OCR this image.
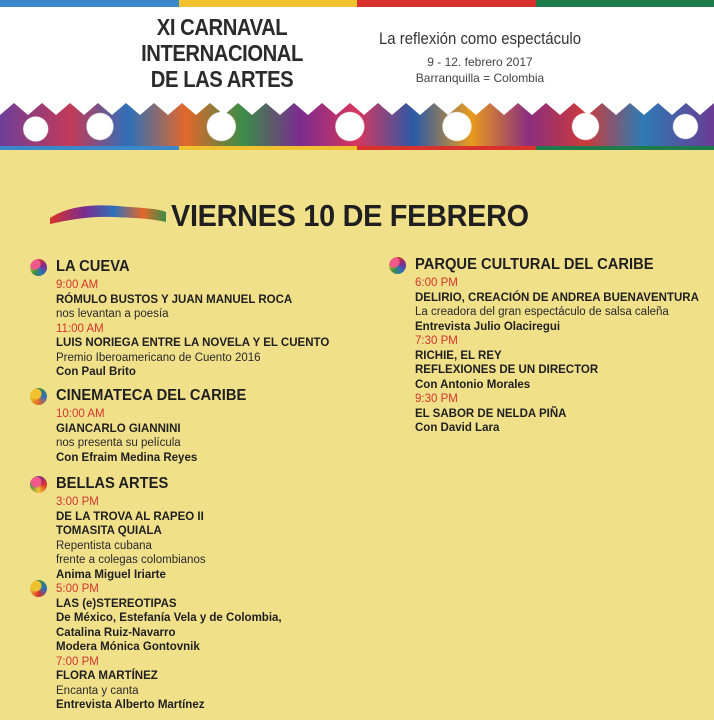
XI CARNAVAL
INTERNACIONAL
DE LAS ARTES
La reflexión como espectáculo
9 - 12. febrero 2017
Barranquilla = Colombia
VIERNES 10 DE FEBRERO
LA CUEVA
9:00 AM
RÓMULO BUSTOS Y JUAN MANUEL ROCA
nos levantan a poesía
11:00 AM
LUIS NORIEGA ENTRE LA NOVELA Y EL CUENTO
Premio Iberoamericano de Cuento 2016
Con Paul Brito
CINEMATECA DEL CARIBE
10:00 AM
GIANCARLO GIANNINI
nos presenta su película
Con Efraim Medina Reyes
BELLAS ARTES
3:00 PM
DE LA TROVA AL RAPEO II
TOMASITA QUIALA
Repentista cubana
frente a colegas colombianos
Anima Miguel Iriarte
5:00 PM
LAS (e)STEREOTIPAS
De México, Estefanía Vela y de Colombia,
Catalina Ruiz-Navarro
Modera Mónica Gontovnik
7:00 PM
FLORA MARTÍNEZ
Encanta y canta
Entrevista Alberto Martínez
PARQUE CULTURAL DEL CARIBE
6:00 PM
DELIRIO, CREACIÓN DE ANDREA BUENAVENTURA
La creadora del gran espectáculo de salsa caleña
Entrevista Julio Olaciregui
7:30 PM
RICHIE, EL REY
REFLEXIONES DE UN DIRECTOR
Con Antonio Morales
9:30 PM
EL SABOR DE NELDA PIÑA
Con David Lara
